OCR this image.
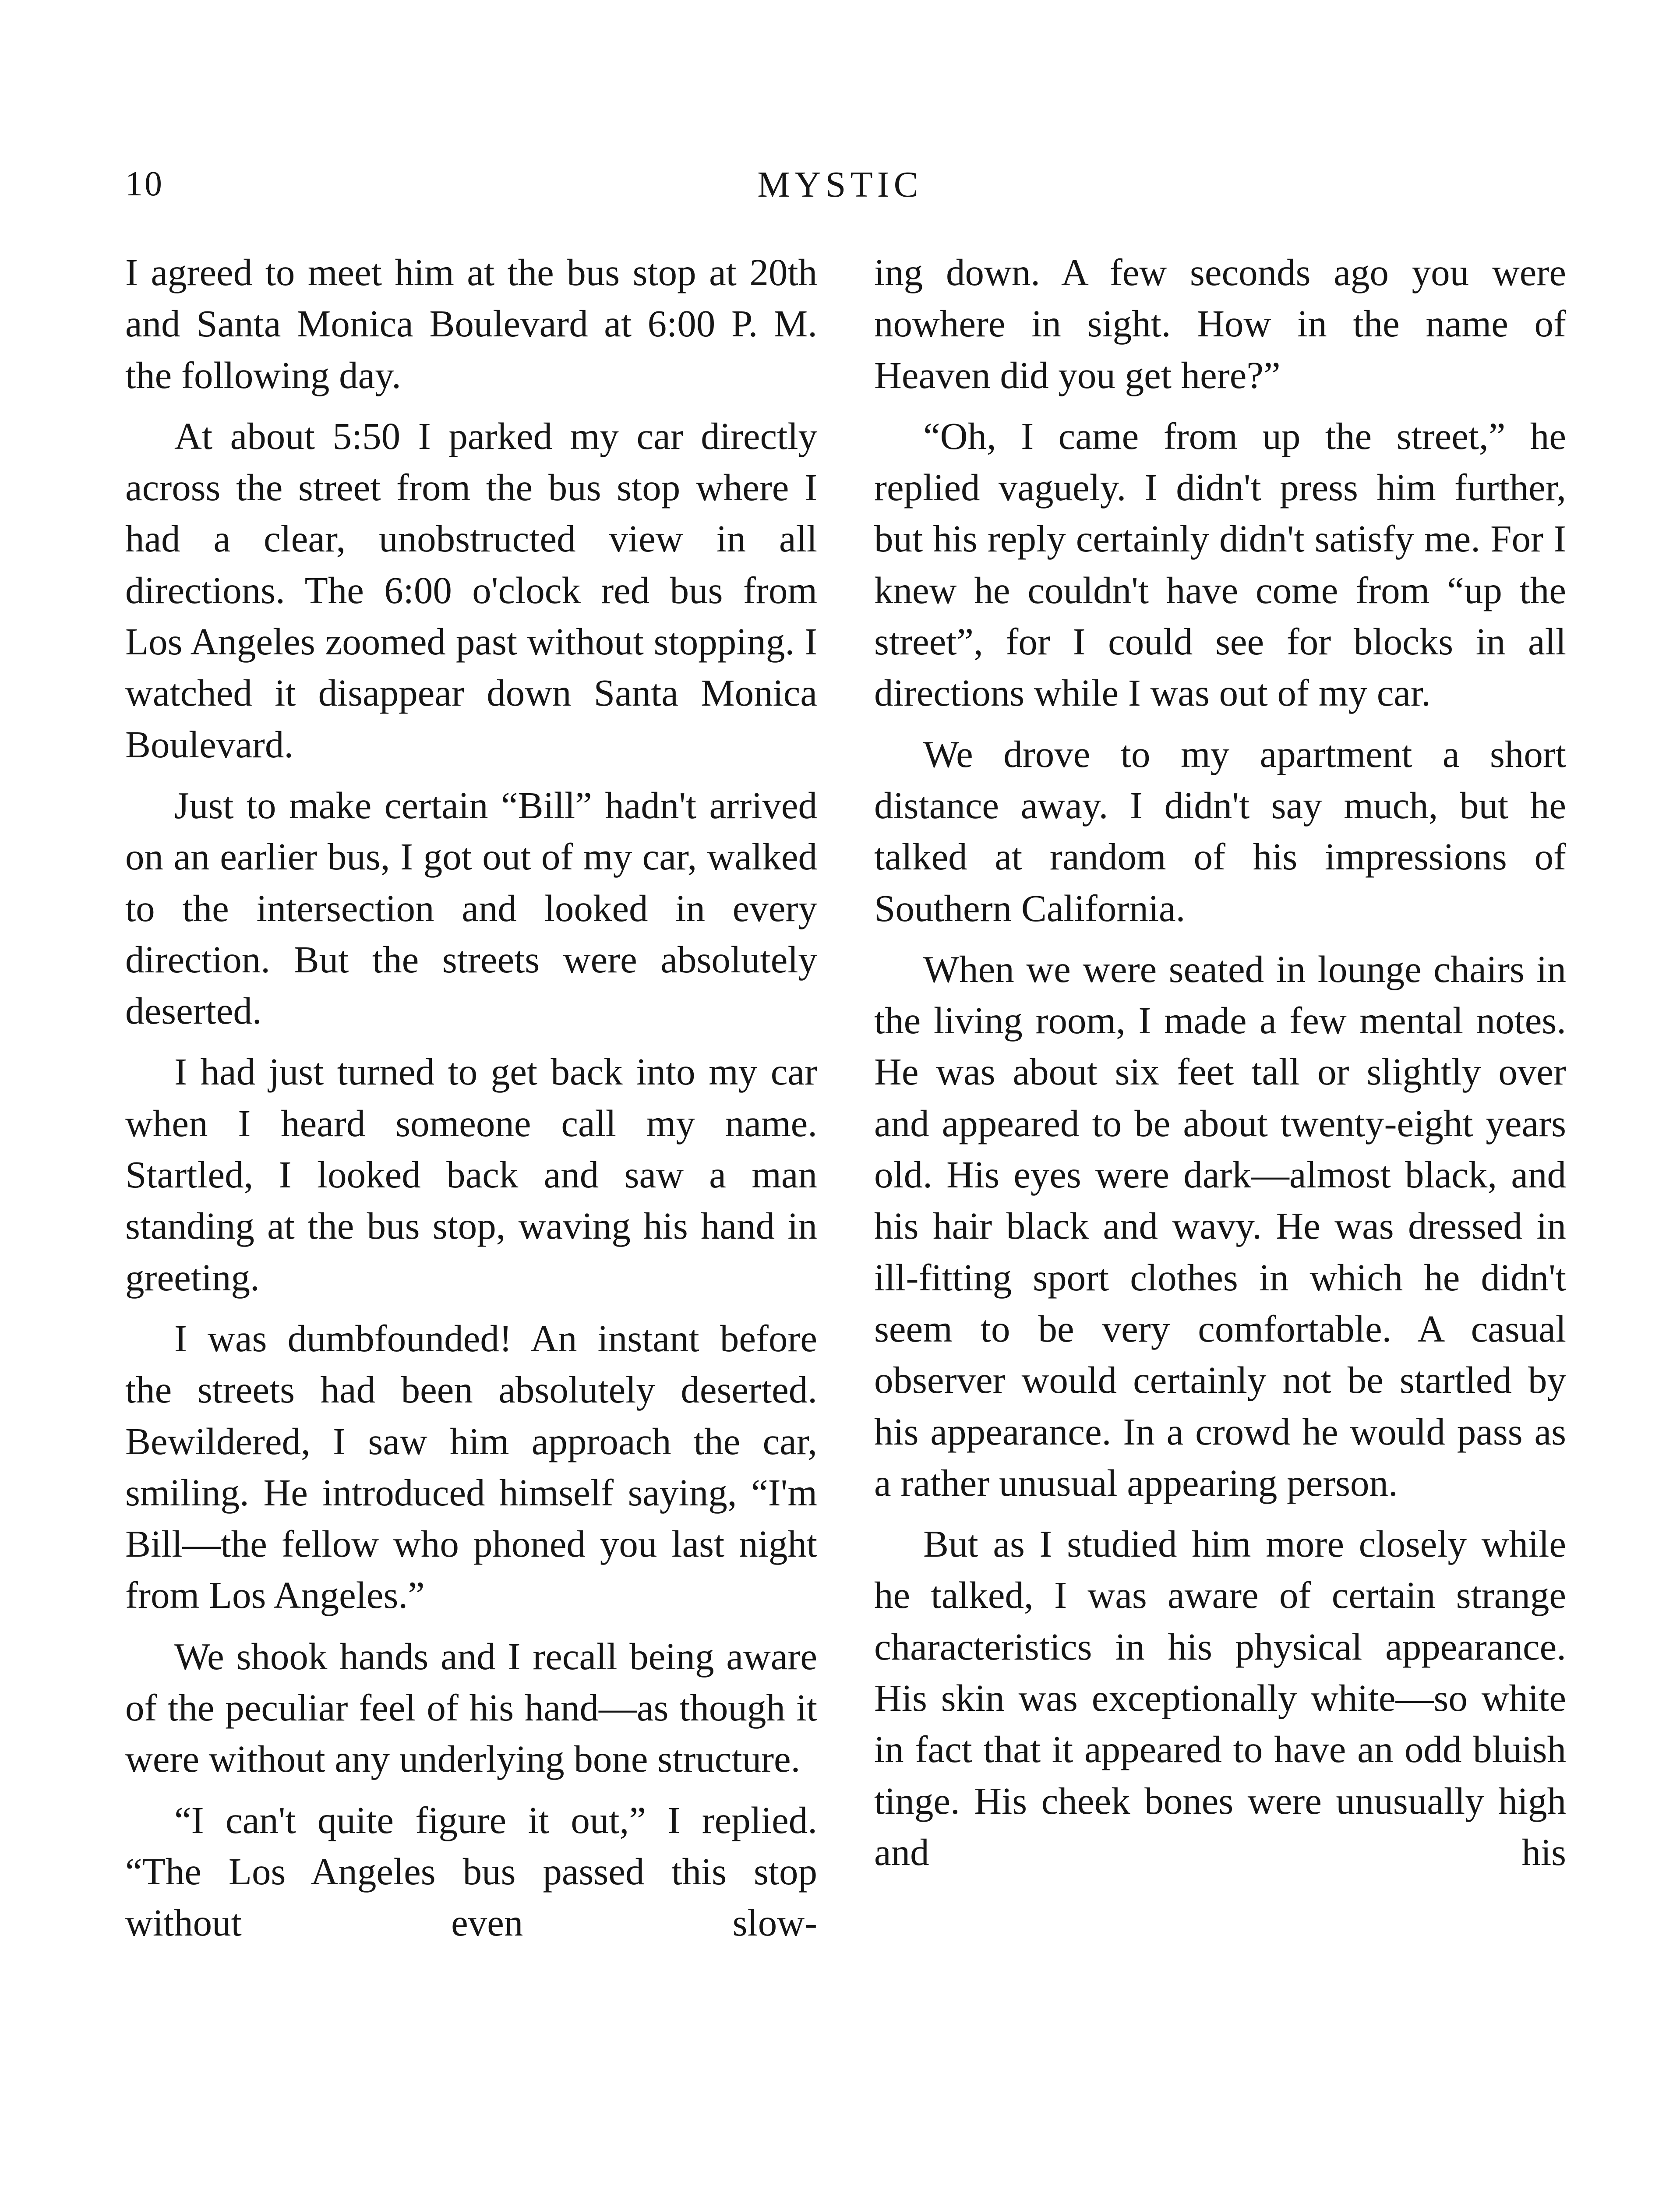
10	MYSTIC

I agreed to meet him at the bus stop at 20th and Santa Monica Boulevard at 6:00 P. M. the following day.

At about 5:50 I parked my car directly across the street from the bus stop where I had a clear, unobstructed view in all directions. The 6:00 o'clock red bus from Los Angeles zoomed past without stopping. I watched it disappear down Santa Monica Boulevard.

Just to make certain “Bill” hadn't arrived on an earlier bus, I got out of my car, walked to the intersection and looked in every direction. But the streets were absolutely deserted.

I had just turned to get back into my car when I heard someone call my name. Startled, I looked back and saw a man standing at the bus stop, waving his hand in greeting.

I was dumbfounded! An instant before the streets had been absolutely deserted. Bewildered, I saw him approach the car, smiling. He introduced himself saying, “I'm Bill—the fellow who phoned you last night from Los Angeles.”

We shook hands and I recall being aware of the peculiar feel of his hand—as though it were without any underlying bone structure.

“I can't quite figure it out,” I replied. “The Los Angeles bus passed this stop without even slow-

ing down. A few seconds ago you were nowhere in sight. How in the name of Heaven did you get here?”

“Oh, I came from up the street,” he replied vaguely. I didn't press him further, but his reply certainly didn't satisfy me. For I knew he couldn't have come from “up the street”, for I could see for blocks in all directions while I was out of my car.

We drove to my apartment a short distance away. I didn't say much, but he talked at random of his impressions of Southern California.

When we were seated in lounge chairs in the living room, I made a few mental notes. He was about six feet tall or slightly over and appeared to be about twenty-eight years old. His eyes were dark—almost black, and his hair black and wavy. He was dressed in ill-fitting sport clothes in which he didn't seem to be very comfortable. A casual observer would certainly not be startled by his appearance. In a crowd he would pass as a rather unusual appearing person.

But as I studied him more closely while he talked, I was aware of certain strange characteristics in his physical appearance. His skin was exceptionally white—so white in fact that it appeared to have an odd bluish tinge. His cheek bones were unusually high and his
